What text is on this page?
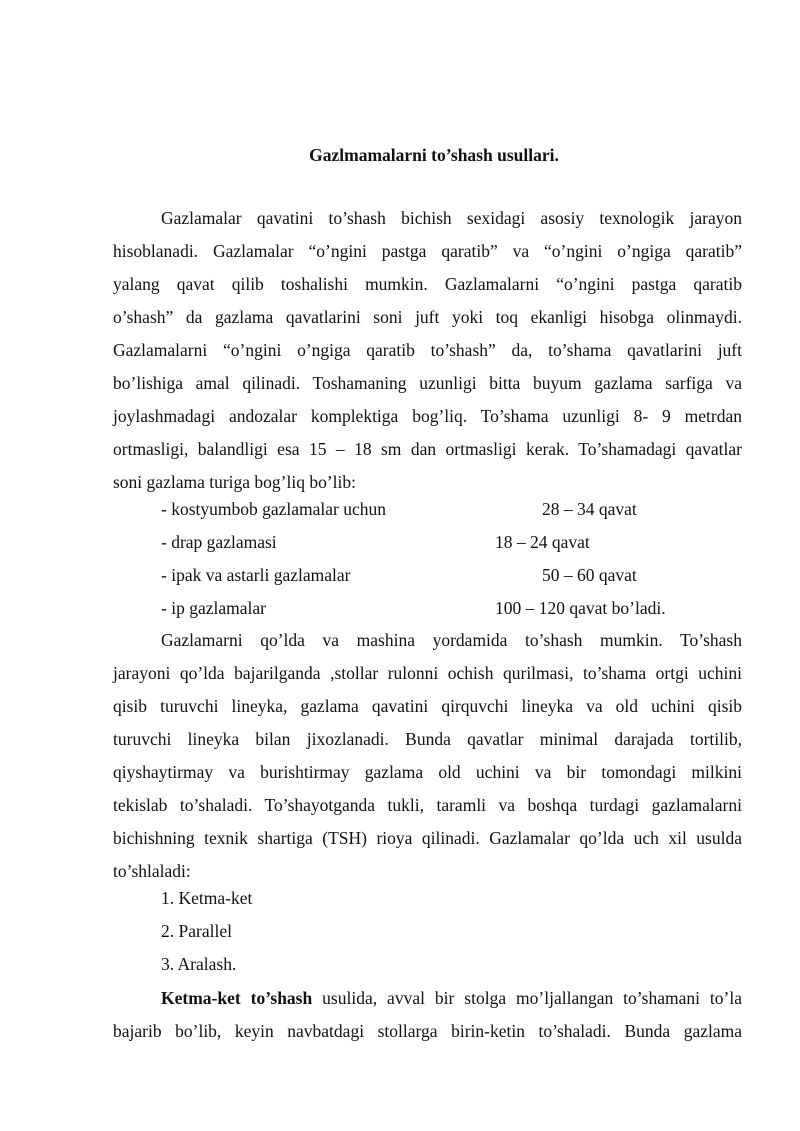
Gazlmamalarni to’shash usullari.
Gazlamalar qavatini to’shash bichish sexidagi asosiy texnologik jarayon
hisoblanadi. Gazlamalar “o’ngini pastga qaratib” va “o’ngini o’ngiga qaratib”
yalang qavat qilib toshalishi mumkin. Gazlamalarni “o’ngini pastga qaratib
o’shash” da gazlama qavatlarini soni juft yoki toq ekanligi hisobga olinmaydi.
Gazlamalarni “o’ngini o’ngiga qaratib to’shash” da, to’shama qavatlarini juft
bo’lishiga amal qilinadi. Toshamaning uzunligi bitta buyum gazlama sarfiga va
joylashmadagi andozalar komplektiga bog’liq. To’shama uzunligi 8- 9 metrdan
ortmasligi, balandligi esa 15 – 18 sm dan ortmasligi kerak. To’shamadagi qavatlar
soni gazlama turiga bog’liq bo’lib:
- kostyumbob gazlamalar uchun	28 – 34 qavat
- drap gazlamasi	18 – 24 qavat
- ipak va astarli gazlamalar	50 – 60 qavat
- ip gazlamalar	100 – 120 qavat bo’ladi.
Gazlamarni qo’lda va mashina yordamida to’shash mumkin. To’shash
jarayoni qo’lda bajarilganda ,stollar rulonni ochish qurilmasi, to’shama ortgi uchini
qisib turuvchi lineyka, gazlama qavatini qirquvchi lineyka va old uchini qisib
turuvchi lineyka bilan jixozlanadi. Bunda qavatlar minimal darajada tortilib,
qiyshaytirmay va burishtirmay gazlama old uchini va bir tomondagi milkini
tekislab to’shaladi. To’shayotganda tukli, taramli va boshqa turdagi gazlamalarni
bichishning texnik shartiga (TSH) rioya qilinadi. Gazlamalar qo’lda uch xil usulda
to’shlaladi:
1. Ketma-ket
2. Parallel
3. Aralash.
Ketma-ket to’shash usulida, avval bir stolga mo’ljallangan to’shamani to’la
bajarib bo’lib, keyin navbatdagi stollarga birin-ketin to’shaladi. Bunda gazlama
